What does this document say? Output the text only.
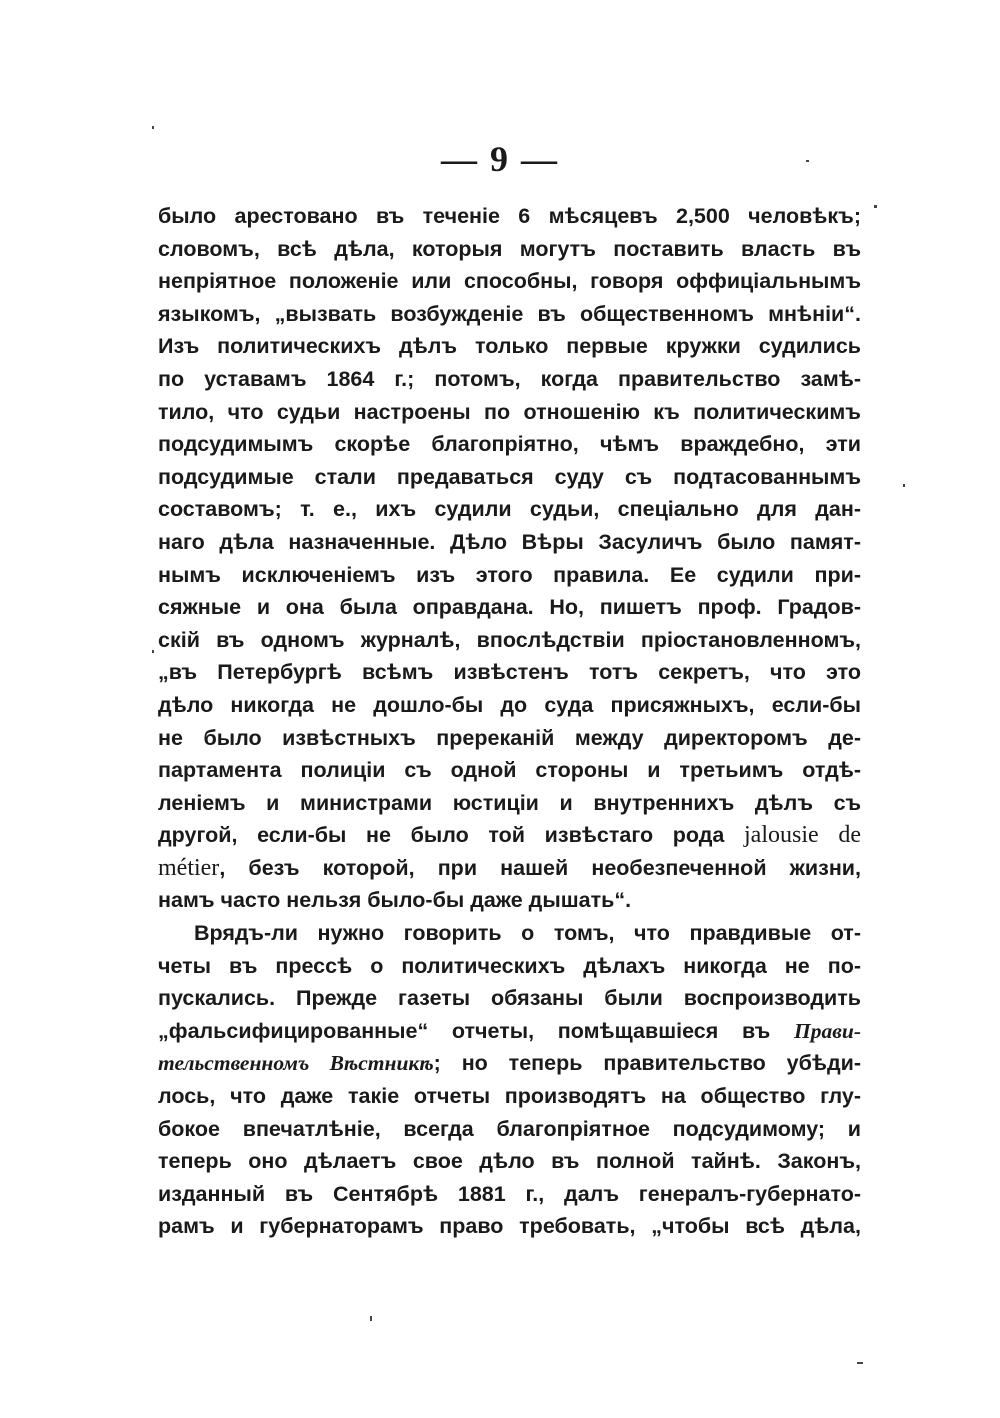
— 9 —
было арестовано въ теченіе 6 мѣсяцевъ 2,500 человѣкъ;
словомъ, всѣ дѣла, которыя могутъ поставить власть въ
непріятное положеніе или способны, говоря оффиціальнымъ
языкомъ, „вызвать возбужденіе въ общественномъ мнѣніи“.
Изъ политическихъ дѣлъ только первые кружки судились
по уставамъ 1864 г.; потомъ, когда правительство замѣ-
тило, что судьи настроены по отношенію къ политическимъ
подсудимымъ скорѣе благопріятно, чѣмъ враждебно, эти
подсудимые стали предаваться суду съ подтасованнымъ
составомъ; т. е., ихъ судили судьи, спеціально для дан-
наго дѣла назначенные. Дѣло Вѣры Засуличъ было памят-
нымъ исключеніемъ изъ этого правила. Ее судили при-
сяжные и она была оправдана. Но, пишетъ проф. Градов-
скій въ одномъ журналѣ, впослѣдствіи пріостановленномъ,
„въ Петербургѣ всѣмъ извѣстенъ тотъ секретъ, что это
дѣло никогда не дошло-бы до суда присяжныхъ, если-бы
не было извѣстныхъ пререканій между директоромъ де-
партамента полиціи съ одной стороны и третьимъ отдѣ-
леніемъ и министрами юстиціи и внутреннихъ дѣлъ съ
другой, если-бы не было той извѣстаго рода jalousie de
métier, безъ которой, при нашей необезпеченной жизни,
намъ часто нельзя было-бы даже дышать“.
Врядъ-ли нужно говорить о томъ, что правдивые от-
четы въ прессѣ о политическихъ дѣлахъ никогда не по-
пускались. Прежде газеты обязаны были воспроизводить
„фальсифицированные“ отчеты, помѣщавшіеся въ Прави-
тельственномъ Вѣстникѣ; но теперь правительство убѣди-
лось, что даже такіе отчеты производятъ на общество глу-
бокое впечатлѣніе, всегда благопріятное подсудимому; и
теперь оно дѣлаетъ свое дѣло въ полной тайнѣ. Законъ,
изданный въ Сентябрѣ 1881 г., далъ генералъ-губернато-
рамъ и губернаторамъ право требовать, „чтобы всѣ дѣла,
